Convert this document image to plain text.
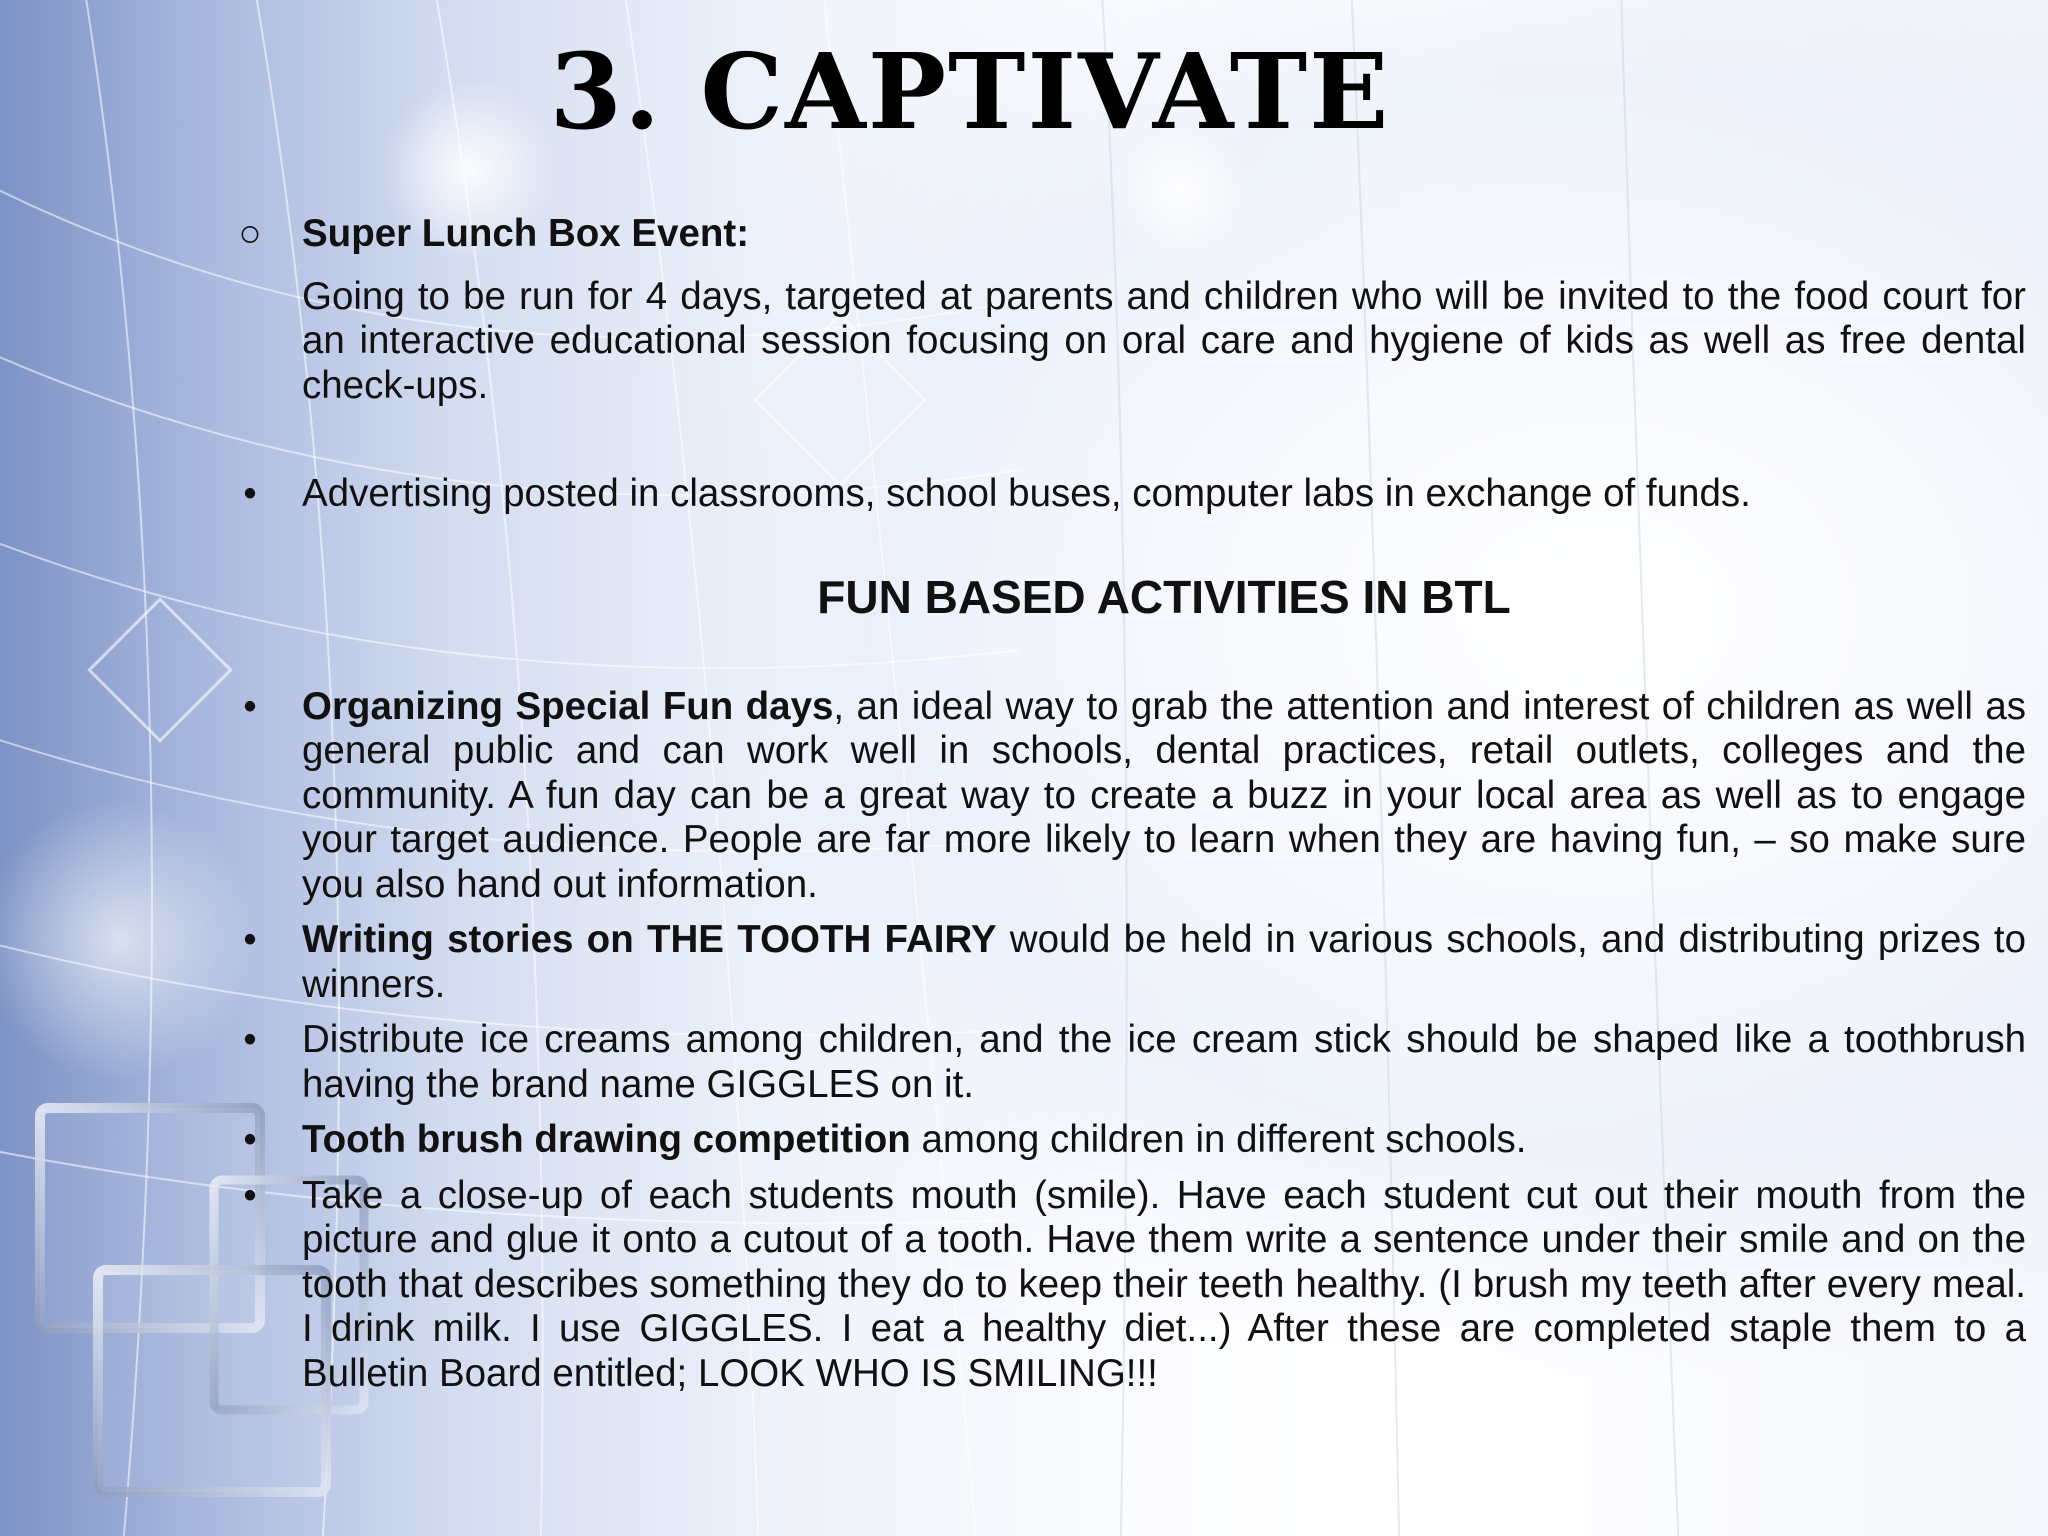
3. CAPTIVATE
○ Super Lunch Box Event:
Going to be run for 4 days, targeted at parents and children who will be invited to the food court for an interactive educational session focusing on oral care and hygiene of kids as well as free dental check-ups.
•	Advertising posted in classrooms, school buses, computer labs in exchange of funds.
FUN BASED ACTIVITIES IN BTL
•	Organizing Special Fun days, an ideal way to grab the attention and interest of children as well as general public and can work well in schools, dental practices, retail outlets, colleges and the community. A fun day can be a great way to create a buzz in your local area as well as to engage your target audience. People are far more likely to learn when they are having fun, – so make sure you also hand out information.
•	Writing stories on THE TOOTH FAIRY would be held in various schools, and distributing prizes to winners.
•	Distribute ice creams among children, and the ice cream stick should be shaped like a toothbrush having the brand name GIGGLES on it.
•	Tooth brush drawing competition among children in different schools.
•	Take a close-up of each students mouth (smile). Have each student cut out their mouth from the picture and glue it onto a cutout of a tooth. Have them write a sentence under their smile and on the tooth that describes something they do to keep their teeth healthy. (I brush my teeth after every meal. I drink milk. I use GIGGLES. I eat a healthy diet...) After these are completed staple them to a Bulletin Board entitled; LOOK WHO IS SMILING!!!
